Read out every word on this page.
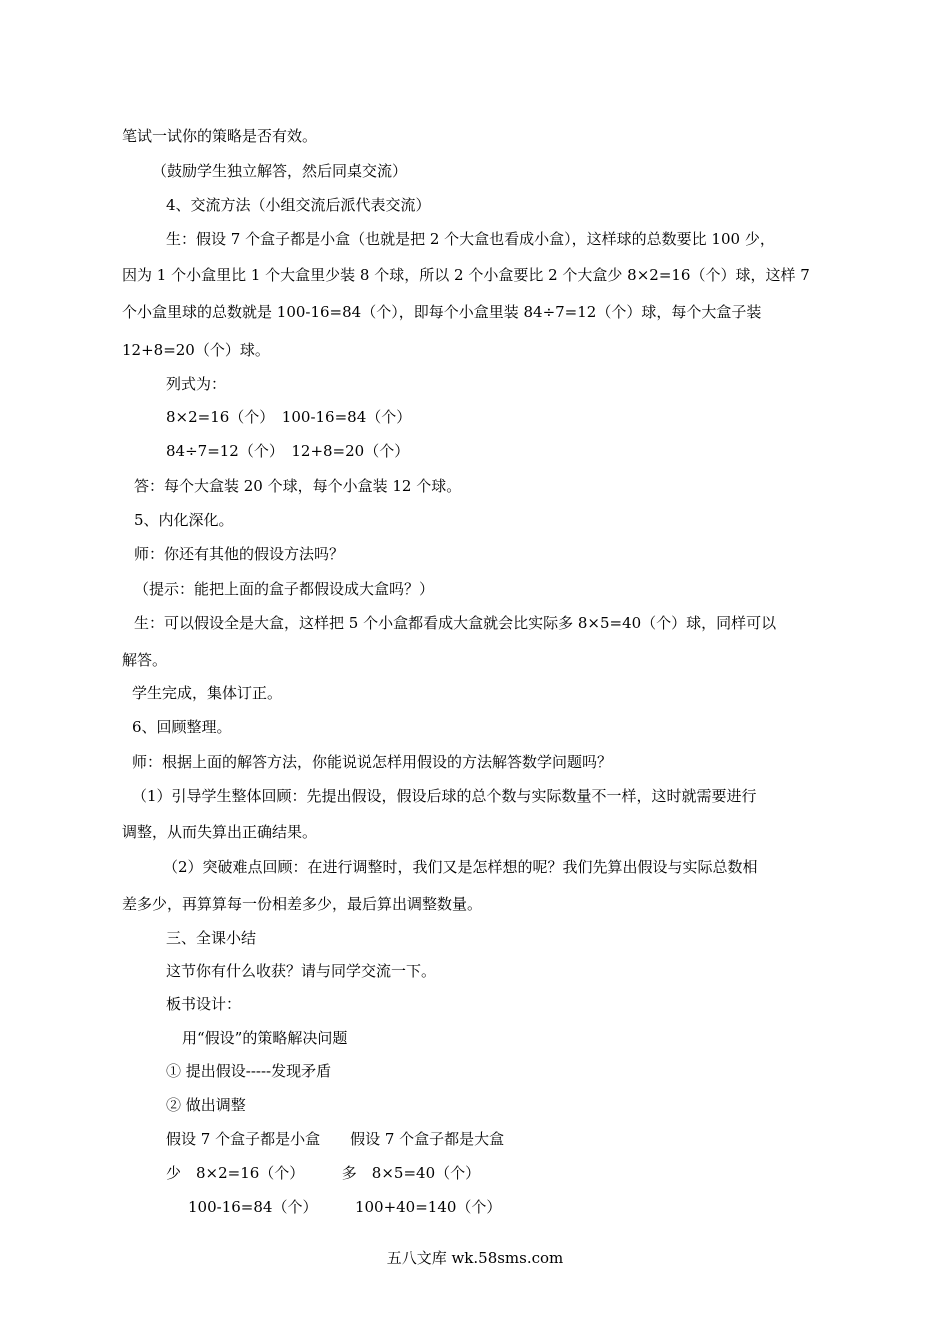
笔试一试你的策略是否有效。
（鼓励学生独立解答，然后同桌交流）
4、交流方法（小组交流后派代表交流）
生：假设 7 个盒子都是小盒（也就是把 2 个大盒也看成小盒），这样球的总数要比 100 少，
因为 1 个小盒里比 1 个大盒里少装 8 个球，所以 2 个小盒要比 2 个大盒少 8×2=16（个）球，这样 7
个小盒里球的总数就是 100-16=84（个），即每个小盒里装 84÷7=12（个）球，每个大盒子装
12+8=20（个）球。
列式为：
8×2=16（个）　100-16=84（个）
84÷7=12（个）　12+8=20（个）
答：每个大盒装 20 个球，每个小盒装 12 个球。
5、内化深化。
师：你还有其他的假设方法吗？
（提示：能把上面的盒子都假设成大盒吗？）
生：可以假设全是大盒，这样把 5 个小盒都看成大盒就会比实际多 8×5=40（个）球，同样可以
解答。
学生完成，集体订正。
6、回顾整理。
师：根据上面的解答方法，你能说说怎样用假设的方法解答数学问题吗？
（1）引导学生整体回顾：先提出假设，假设后球的总个数与实际数量不一样，这时就需要进行
调整，从而失算出正确结果。
（2）突破难点回顾：在进行调整时，我们又是怎样想的呢？我们先算出假设与实际总数相
差多少，再算算每一份相差多少，最后算出调整数量。
三、全课小结
这节你有什么收获？请与同学交流一下。
板书设计：
用“假设”的策略解决问题
① 提出假设-----发现矛盾
② 做出调整
假设 7 个盒子都是小盒　　假设 7 个盒子都是大盒
少　8×2=16（个）　　　多　8×5=40（个）
100-16=84（个）　　　100+40=140（个）
五八文库 wk.58sms.com
